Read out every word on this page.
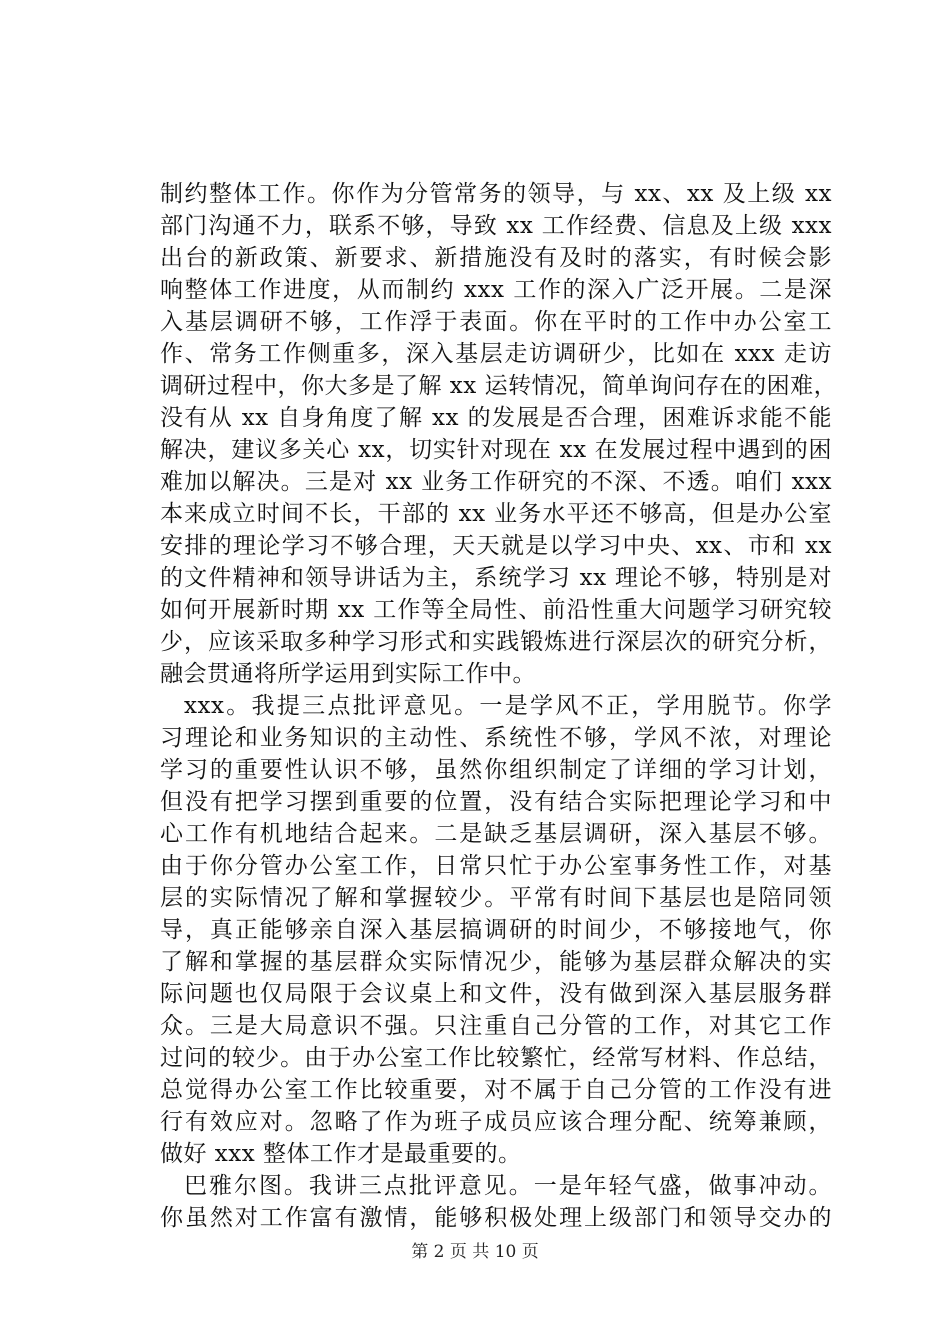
制约整体工作。你作为分管常务的领导，与 xx、xx 及上级 xx
部门沟通不力，联系不够，导致 xx 工作经费、信息及上级 xxx
出台的新政策、新要求、新措施没有及时的落实，有时候会影
响整体工作进度，从而制约 xxx 工作的深入广泛开展。二是深
入基层调研不够，工作浮于表面。你在平时的工作中办公室工
作、常务工作侧重多，深入基层走访调研少，比如在 xxx 走访
调研过程中，你大多是了解 xx 运转情况，简单询问存在的困难，
没有从 xx 自身角度了解 xx 的发展是否合理，困难诉求能不能
解决，建议多关心 xx，切实针对现在 xx 在发展过程中遇到的困
难加以解决。三是对 xx 业务工作研究的不深、不透。咱们 xxx
本来成立时间不长，干部的 xx 业务水平还不够高，但是办公室
安排的理论学习不够合理，天天就是以学习中央、xx、市和 xx
的文件精神和领导讲话为主，系统学习 xx 理论不够，特别是对
如何开展新时期 xx 工作等全局性、前沿性重大问题学习研究较
少，应该采取多种学习形式和实践锻炼进行深层次的研究分析，
融会贯通将所学运用到实际工作中。
xxx。我提三点批评意见。一是学风不正，学用脱节。你学
习理论和业务知识的主动性、系统性不够，学风不浓，对理论
学习的重要性认识不够，虽然你组织制定了详细的学习计划，
但没有把学习摆到重要的位置，没有结合实际把理论学习和中
心工作有机地结合起来。二是缺乏基层调研，深入基层不够。
由于你分管办公室工作，日常只忙于办公室事务性工作，对基
层的实际情况了解和掌握较少。平常有时间下基层也是陪同领
导，真正能够亲自深入基层搞调研的时间少，不够接地气，你
了解和掌握的基层群众实际情况少，能够为基层群众解决的实
际问题也仅局限于会议桌上和文件，没有做到深入基层服务群
众。三是大局意识不强。只注重自己分管的工作，对其它工作
过问的较少。由于办公室工作比较繁忙，经常写材料、作总结，
总觉得办公室工作比较重要，对不属于自己分管的工作没有进
行有效应对。忽略了作为班子成员应该合理分配、统筹兼顾，
做好 xxx 整体工作才是最重要的。
巴雅尔图。我讲三点批评意见。一是年轻气盛，做事冲动。
你虽然对工作富有激情，能够积极处理上级部门和领导交办的
第 2 页 共 10 页
